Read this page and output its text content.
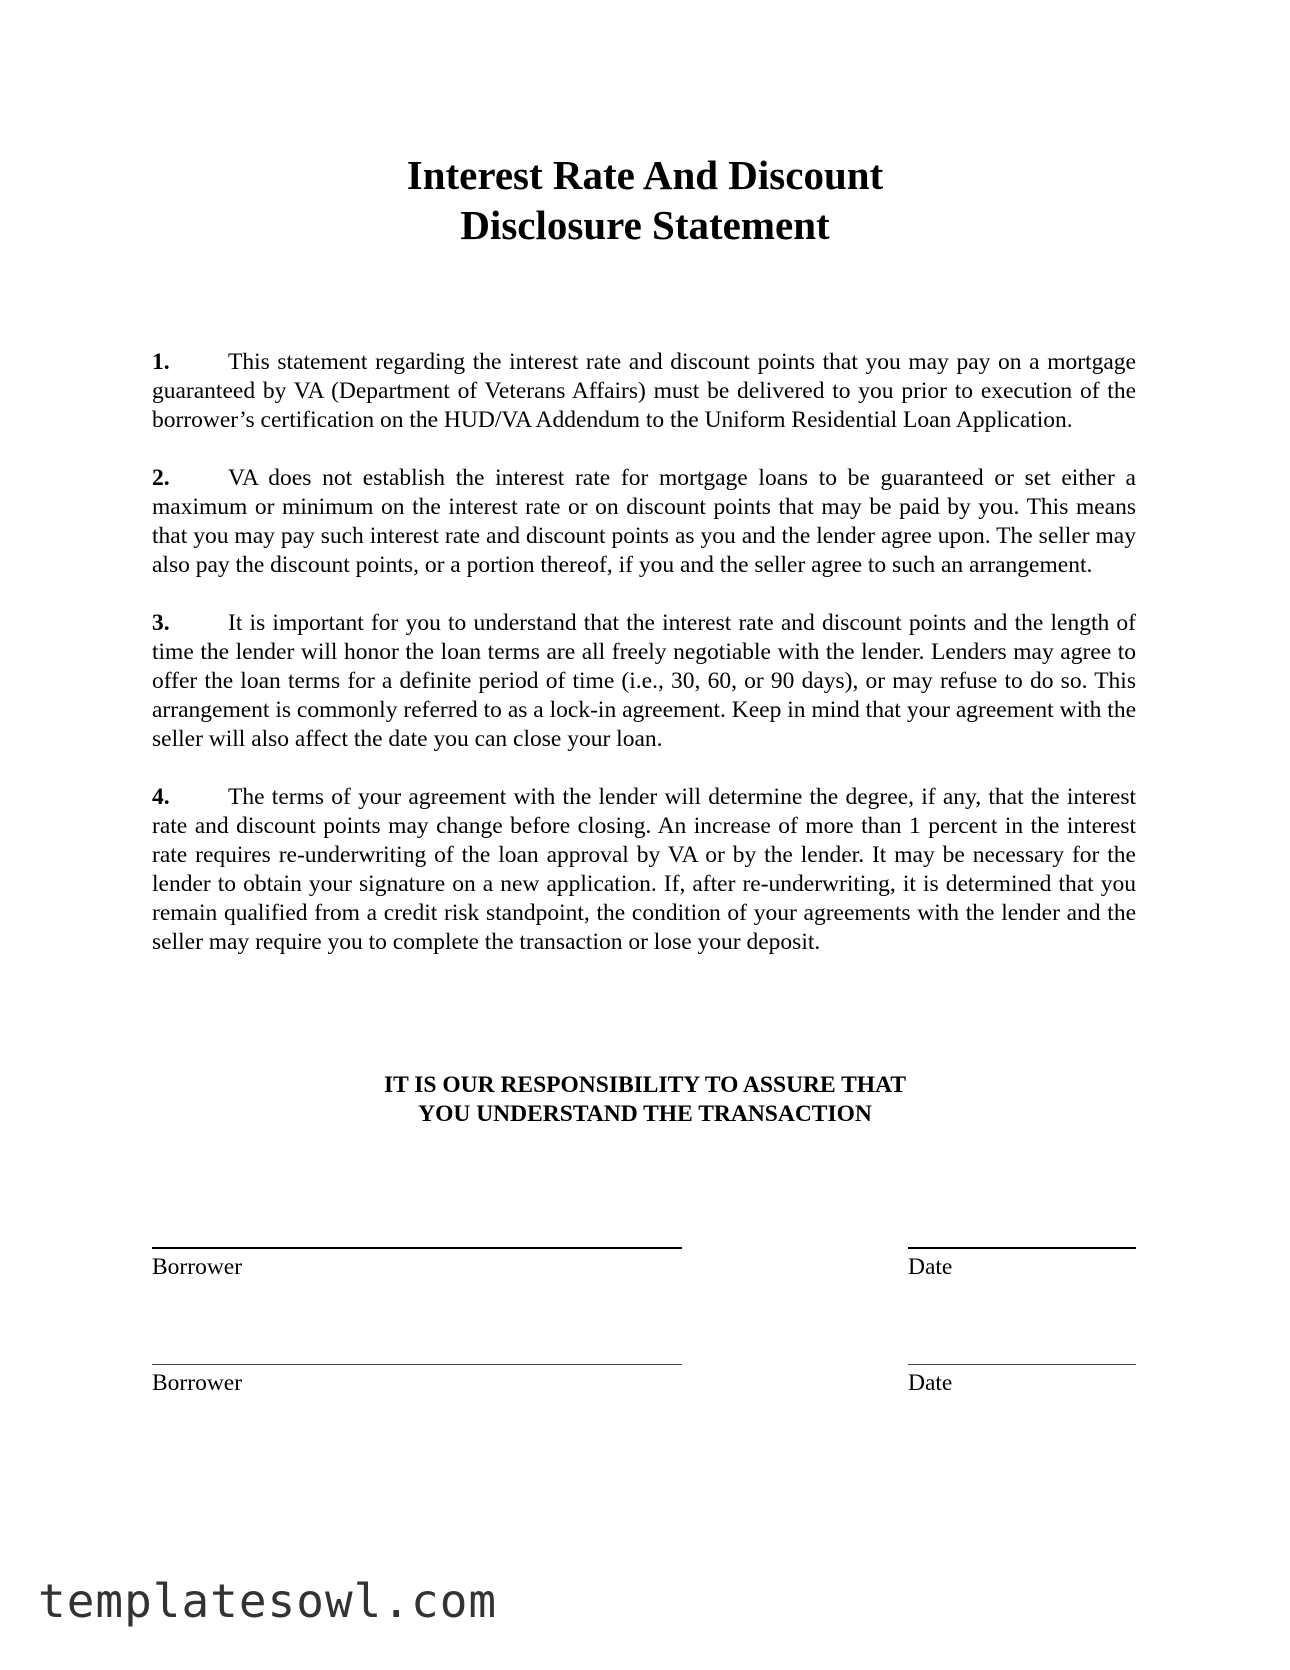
Interest Rate And Discount
Disclosure Statement

1. This statement regarding the interest rate and discount points that you may pay on a mortgage guaranteed by VA (Department of Veterans Affairs) must be delivered to you prior to execution of the borrower’s certification on the HUD/VA Addendum to the Uniform Residential Loan Application.

2. VA does not establish the interest rate for mortgage loans to be guaranteed or set either a maximum or minimum on the interest rate or on discount points that may be paid by you. This means that you may pay such interest rate and discount points as you and the lender agree upon. The seller may also pay the discount points, or a portion thereof, if you and the seller agree to such an arrangement.

3. It is important for you to understand that the interest rate and discount points and the length of time the lender will honor the loan terms are all freely negotiable with the lender. Lenders may agree to offer the loan terms for a definite period of time (i.e., 30, 60, or 90 days), or may refuse to do so. This arrangement is commonly referred to as a lock-in agreement. Keep in mind that your agreement with the seller will also affect the date you can close your loan.

4. The terms of your agreement with the lender will determine the degree, if any, that the interest rate and discount points may change before closing. An increase of more than 1 percent in the interest rate requires re-underwriting of the loan approval by VA or by the lender. It may be necessary for the lender to obtain your signature on a new application. If, after re-underwriting, it is determined that you remain qualified from a credit risk standpoint, the condition of your agreements with the lender and the seller may require you to complete the transaction or lose your deposit.

IT IS OUR RESPONSIBILITY TO ASSURE THAT
YOU UNDERSTAND THE TRANSACTION
Borrower	Date
Borrower	Date
templatesowl.com
